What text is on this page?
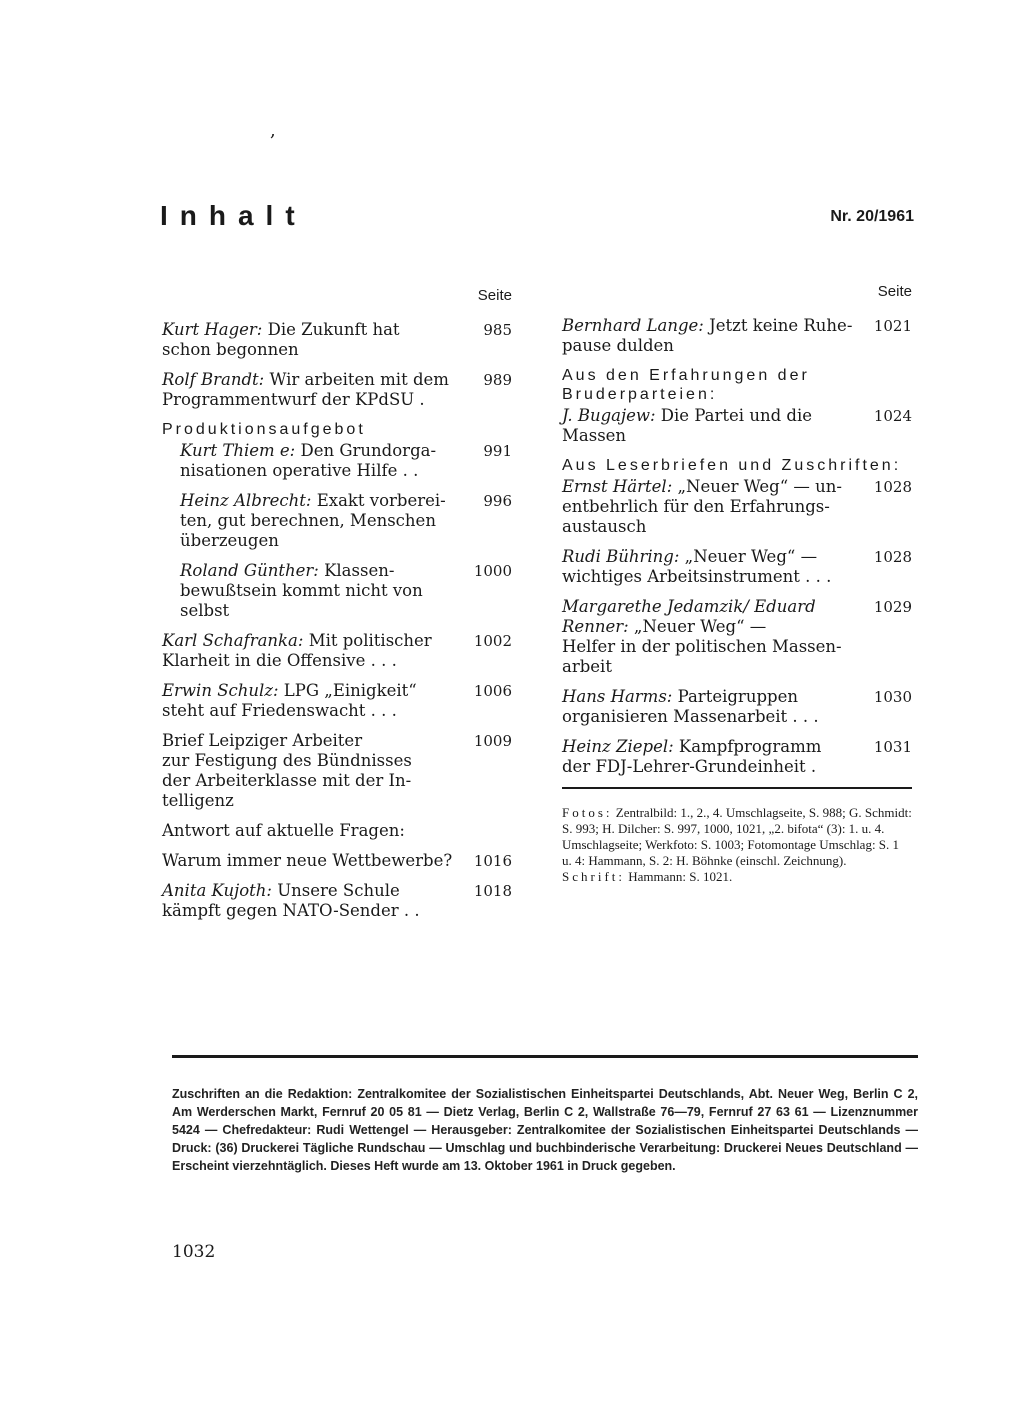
,
Inhalt	Nr. 20/1961
Seite
Kurt Hager: Die Zukunft hat
schon begonnen
985
Rolf Brandt: Wir arbeiten mit dem
Programmentwurf der KPdSU .
989
Produktionsaufgebot
Kurt Thiem e: Den Grundorga-
nisationen operative Hilfe . .
991
Heinz Albrecht: Exakt vorberei-
ten, gut berechnen, Menschen
überzeugen
996
Roland Günther: Klassen-
bewußtsein kommt nicht von
selbst
1000
Karl Schafranka: Mit politischer
Klarheit in die Offensive . . .
1002
Erwin Schulz: LPG „Einigkeit“
steht auf Friedenswacht . . .
1006
Brief Leipziger Arbeiter
zur Festigung des Bündnisses
der Arbeiterklasse mit der In-
telligenz
1009
Antwort auf aktuelle Fragen:
Warum immer neue Wettbewerbe?	1016
Anita Kujoth: Unsere Schule
kämpft gegen NATO-Sender . .
1018
Seite
Bernhard Lange: Jetzt keine Ruhe-
pause dulden
1021
Aus den Erfahrungen der Bruderparteien:
J. Bugajew: Die Partei und die
Massen
1024
Aus Leserbriefen und Zuschriften:
Ernst Härtel: „Neuer Weg“ — un-
entbehrlich für den Erfahrungs-
austausch
1028
Rudi Bühring: „Neuer Weg“ —
wichtiges Arbeitsinstrument . . .
1028
Margarethe Jedamzik/ Eduard Renner: „Neuer Weg“ —
Helfer in der politischen Massen-
arbeit
1029
Hans Harms: Parteigruppen
organisieren Massenarbeit . . .
1030
Heinz Ziepel: Kampfprogramm
der FDJ-Lehrer-Grundeinheit .
1031
Fotos: Zentralbild: 1., 2., 4. Umschlagseite, S. 988; G. Schmidt: S. 993; H. Dilcher: S. 997, 1000, 1021, „2. bifota“ (3): 1. u. 4. Umschlagseite; Werkfoto: S. 1003; Fotomontage Umschlag: S. 1 u. 4: Hammann, S. 2: H. Böhnke (einschl. Zeichnung).
Schrift: Hammann: S. 1021.
Zuschriften an die Redaktion: Zentralkomitee der Sozialistischen Einheitspartei Deutschlands, Abt. Neuer Weg, Berlin C 2, Am Werderschen Markt, Fernruf 20 05 81 — Dietz Verlag, Berlin C 2, Wallstraße 76—79, Fernruf 27 63 61 — Lizenznummer 5424 — Chefredakteur: Rudi Wettengel — Herausgeber: Zentralkomitee der Sozialistischen Einheitspartei Deutschlands — Druck: (36) Druckerei Tägliche Rundschau — Umschlag und buchbinderische Verarbeitung: Druckerei Neues Deutschland — Erscheint vierzehntäglich. Dieses Heft wurde am 13. Oktober 1961 in Druck gegeben.
1032
